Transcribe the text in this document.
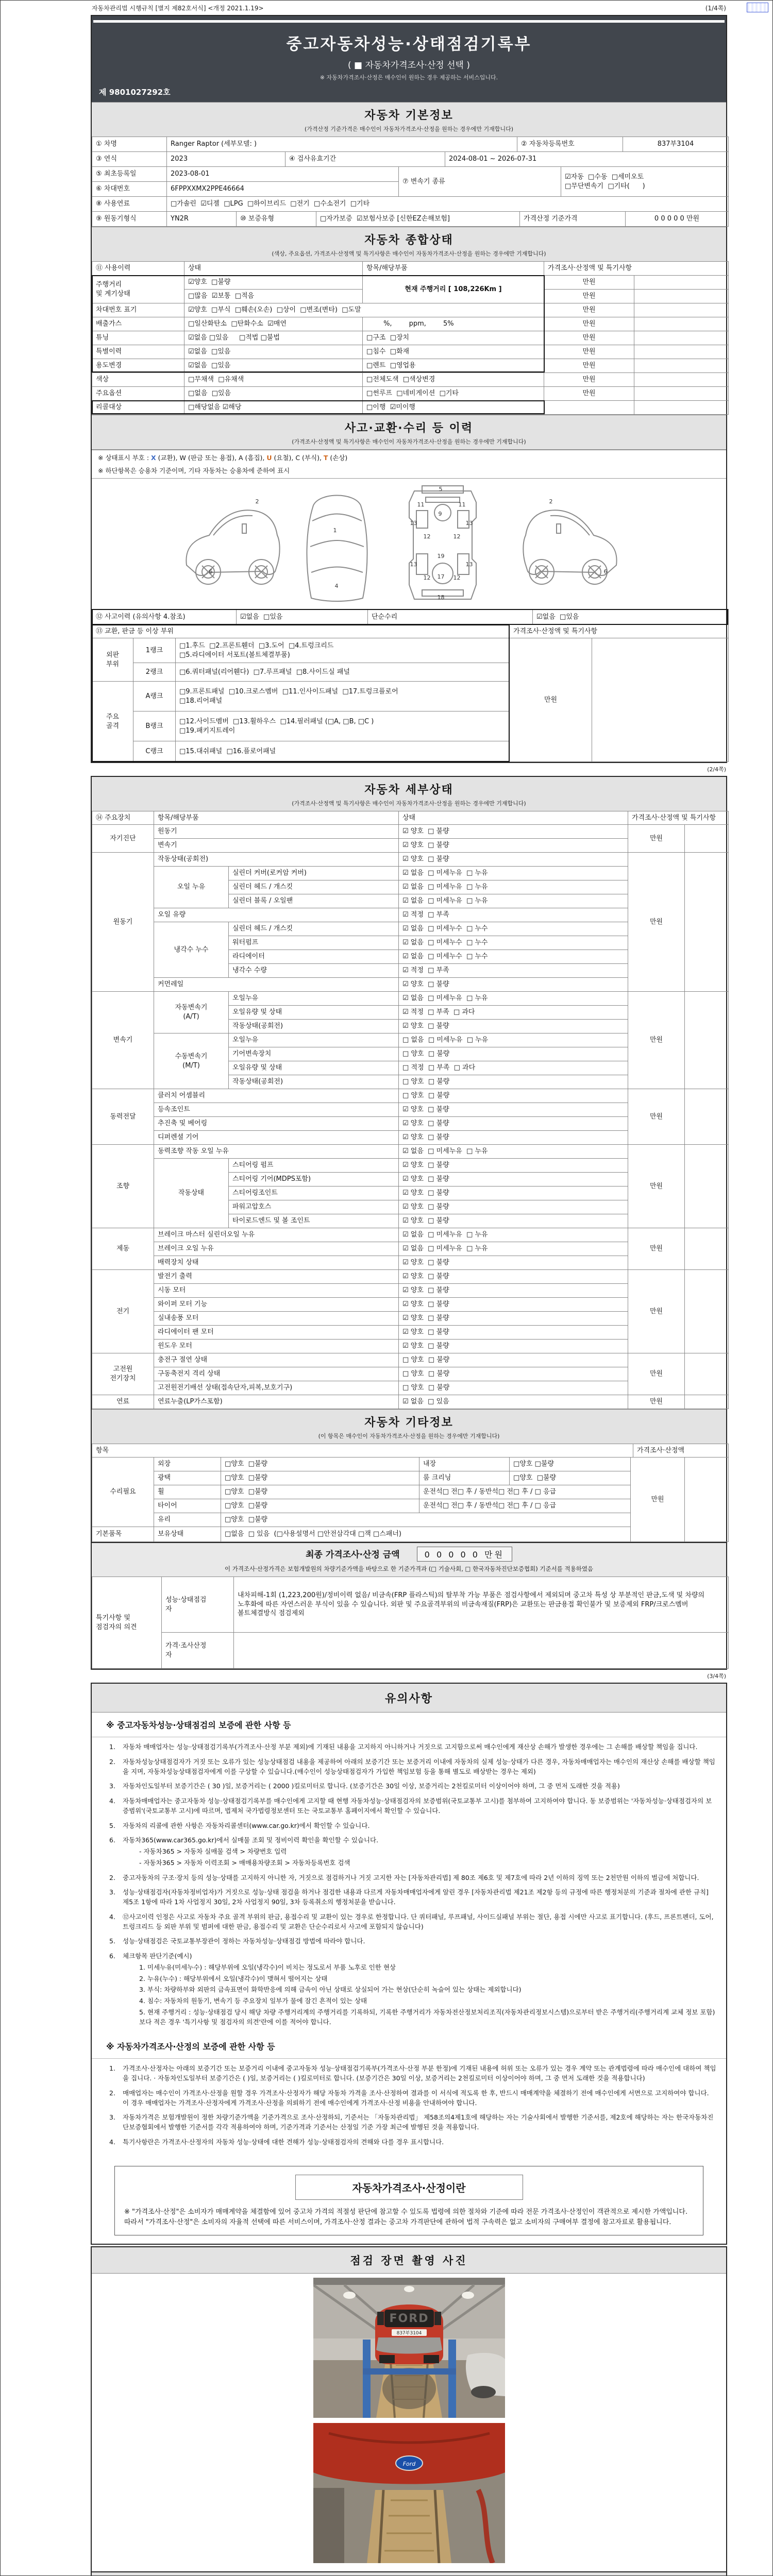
자동차관리법 시행규칙 [별지 제82호서식] <개정 2021.1.19>	(1/4쪽)
중고자동차성능·상태점검기록부
( ■ 자동차가격조사·산정 선택 )
※ 자동차가격조사·산정은 매수인이 원하는 경우 제공하는 서비스입니다.
제 9801027292호
자동차 기본정보
(가격산정 기준가격은 매수인이 자동차가격조사·산정을 원하는 경우에만 기재합니다)
① 차명	Ranger Raptor (세부모델: )	② 자동차등록번호	837부3104
③ 연식	2023	④ 검사유효기간	2024-08-01 ~ 2026-07-31
⑤ 최초등록일	2023-08-01	⑦ 변속기 종류	☑자동  □수동  □세미오토
□무단변속기  □기타(      )
⑥ 차대번호	6FPPXXMX2PPE46664		
⑧ 사용연료	□가솔린  ☑디젤  □LPG  □하이브리드  □전기  □수소전기  □기타
⑨ 원동기형식	YN2R	⑩ 보증유형	□자가보증  ☑보험사보증 [신한EZ손해보험]	가격산정 기준가격	0 0 0 0 0 만원
자동차 종합상태
(색상, 주요옵션, 가격조사·산정액 및 특기사항은 매수인이 자동차가격조사·산정을 원하는 경우에만 기재합니다)
⑪ 사용이력	상태	항목/해당부품	가격조사·산정액 및 특기사항	
주행거리
및 계기상태	☑양호  □불량	현재 주행거리 [ 108,226Km ]	만원	
	□많음  ☑보통  □적음		만원	
차대번호 표기	☑양호  □부식  □훼손(오손)  □상이  □변조(변타)  □도말		만원	
배출가스	□일산화탄소  □탄화수소  ☑매연	%,        ppm,        5%	만원	
튜닝	☑없음 □있음     □적법 □불법	□구조  □장치	만원	
특별이력	☑없음  □있음	□침수  □화재	만원	
용도변경	☑없음  □있음	□렌트  □영업용	만원	
색상	□무채색  □유채색	□전체도색  □색상변경	만원	
주요옵션	□없음  □있음	□썬루프  □네비게이션  □기타	만원	
리콜대상	□해당없음 ☑해당	□이행  ☑미이행		
사고·교환·수리 등 이력
(가격조사·산정액 및 특기사항은 매수인이 자동차가격조사·산정을 원하는 경우에만 기재합니다)
※ 상태표시 부호 : X (교환), W (판금 또는 용접), A (흠집), U (요철), C (부식), T (손상)
※ 하단항목은 승용차 기준이며, 기타 자동차는 승용차에 준하여 표시
2
6
1
4
5
11	11
9
13	13
12	12
19
13	13
12 17 12
18
2
6
⑫ 사고이력 (유의사항 4.참조)	☑없음  □있음	단순수리	☑없음  □있음
⑬ 교환, 판금 등 이상 부위	가격조사·산정액 및 특기사항
외판
부위	1랭크	□1.후드  □2.프론트휀더  □3.도어  □4.트렁크리드
□5.라디에이터 서포트(볼트체결부품)	만원	
	2랭크	□6.쿼터패널(리어휀다)  □7.루프패널  □8.사이드실 패널		
주요
골격	A랭크	□9.프론트패널  □10.크로스멤버  □11.인사이드패널  □17.트렁크플로어
□18.리어패널		
	B랭크	□12.사이드멤버  □13.휠하우스  □14.필러패널 (□A, □B, □C )
□19.패키지트레이		
	C랭크	□15.대쉬패널  □16.플로어패널		
(2/4쪽)
자동차 세부상태
(가격조사·산정액 및 특기사항은 매수인이 자동차가격조사·산정을 원하는 경우에만 기재합니다)
⑭ 주요장치	항목/해당부품	상태	가격조사·산정액 및 특기사항
자기진단	원동기		☑ 양호  □ 불량	만원	
	변속기		☑ 양호  □ 불량		
원동기	작동상태(공회전)		☑ 양호  □ 불량	만원	
	오일 누유	실린더 커버(로커암 커버)	☑ 없음  □ 미세누유  □ 누유		
		실린더 헤드 / 개스킷	☑ 없음  □ 미세누유  □ 누유		
		실린더 블록 / 오일팬	☑ 없음  □ 미세누유  □ 누유		
	오일 유량		☑ 적정  □ 부족		
	냉각수 누수	실린더 헤드 / 개스킷	☑ 없음  □ 미세누수  □ 누수		
		워터펌프	☑ 없음  □ 미세누수  □ 누수		
		라디에이터	☑ 없음  □ 미세누수  □ 누수		
		냉각수 수량	☑ 적정  □ 부족		
	커먼레일		☑ 양호  □ 불량		
변속기	자동변속기
(A/T)	오일누유	☑ 없음  □ 미세누유  □ 누유	만원	
		오일유량 및 상태	☑ 적정  □ 부족  □ 과다		
		작동상태(공회전)	☑ 양호  □ 불량		
	수동변속기
(M/T)	오일누유	□ 없음  □ 미세누유  □ 누유		
		기어변속장치	□ 양호  □ 불량		
		오일유량 및 상태	□ 적정  □ 부족  □ 과다		
		작동상태(공회전)	□ 양호  □ 불량		
동력전달	클러치 어셈블리		□ 양호  □ 불량	만원	
	등속조인트		☑ 양호  □ 불량		
	추진축 및 베어링		☑ 양호  □ 불량		
	디퍼렌셜 기어		☑ 양호  □ 불량		
조향	동력조향 작동 오일 누유		☑ 없음  □ 미세누유  □ 누유	만원	
	작동상태	스티어링 펌프	☑ 양호  □ 불량		
		스티어링 기어(MDPS포함)	☑ 양호  □ 불량		
		스티어링조인트	☑ 양호  □ 불량		
		파워고압호스	☑ 양호  □ 불량		
		타이로드엔드 및 볼 조인트	☑ 양호  □ 불량		
제동	브레이크 마스터 실린더오일 누유		☑ 없음  □ 미세누유  □ 누유	만원	
	브레이크 오일 누유		☑ 없음  □ 미세누유  □ 누유		
	배력장치 상태		☑ 양호  □ 불량		
전기	발전기 출력		☑ 양호  □ 불량	만원	
	시동 모터		☑ 양호  □ 불량		
	와이퍼 모터 기능		☑ 양호  □ 불량		
	실내송풍 모터		☑ 양호  □ 불량		
	라디에이터 팬 모터		☑ 양호  □ 불량		
	윈도우 모터		☑ 양호  □ 불량		
고전원
전기장치	충전구 절연 상태		□ 양호  □ 불량	만원	
	구동축전지 격리 상태		□ 양호  □ 불량		
	고전원전기배선 상태(접속단자,피복,보호기구)		□ 양호  □ 불량		
연료	연료누출(LP가스포함)		☑ 없음  □ 있음	만원	
자동차 기타정보
(이 항목은 매수인이 자동차가격조사·산정을 원하는 경우에만 기재합니다)
항목	가격조사·산정액
수리필요	외장	□양호  □불량	내장	□양호 □불량	만원	
	광택	□양호  □불량	룸 크리닝	□양호  □불량		
	휠	□양호  □불량	운전석□ 전□ 후 / 동반석□ 전□ 후 / □ 응급			
	타이어	□양호  □불량	운전석□ 전□ 후 / 동반석□ 전□ 후 / □ 응급			
	유리	□양호  □불량				
기본품목	보유상태	□없음  □ 있음  (□사용설명서 □안전삼각대 □잭 □스패너)				
최종 가격조사·산정 금액	0 0 0 0 0 만원
이 가격조사·산정가격은 보험개발원의 차량기준가액을 바탕으로 한 기준가격과 (□ 기술사회, □ 한국자동차진단보증협회) 기준서를 적용하였음
특기사항 및
점검자의 의견	성능·상태점검
자	내차피해-1회 (1,223,200원)/정비이력 없음/ 비금속(FRP 플라스틱)의 탈부착 가능 부품은 점검사항에서 제외되며 중고차 특성 상 부분적인 판금,도색 및 차량의 노후화에 따른 자연스러운 부식이 있을 수 있습니다. 외판 및 주요골격부위의 비금속재질(FRP)은 교환또는 판금용접 확인불가 및 보증제외 FRP/크로스멤버 볼트체결방식 점검제외
	가격·조사산정
자	
(3/4쪽)
유의사항
※ 중고자동차성능·상태점검의 보증에 관한 사항 등
1.	자동차 매매업자는 성능·상태점검기록부(가격조사·산정 부분 제외)에 기재된 내용을 고지하지 아니하거나 거짓으로 고지함으로써 매수인에게 재산상 손해가 발생한 경우에는 그 손해를 배상할 책임을 집니다.
2.	자동차성능상태점검자가 거짓 또는 오류가 있는 성능상태점검 내용을 제공하여 아래의 보증기간 또는 보증거리 이내에 자동차의 실제 성능·상태가 다른 경우, 자동차매매업자는 매수인의 재산상 손해를 배상할 책임을 지며, 자동차성능상태점검자에게 이를 구상할 수 있습니다.(매수인이 성능상태점검자가 가입한 책임보험 등을 통해 별도로 배상받는 경우는 제외)
3.	자동차인도일부터 보증기간은 ( 30 )일, 보증거리는 ( 2000 )킬로미터로 합니다. (보증기간은 30일 이상, 보증거리는 2천킬로미터 이상이어야 하며, 그 중 먼저 도래한 것을 적용)
4.	자동차매매업자는 중고자동차 성능·상태점검기록부를 매수인에게 고지할 때 현행 자동차성능·상태점검자의 보증범위(국토교통부 고시)를 첨부하여 고지하여야 합니다. 동 보증범위는 '자동차성능·상태점검자의 보증범위'(국토교통부 고시)에 따르며, 법제처 국가법령정보센터 또는 국토교통부 홈페이지에서 확인할 수 있습니다.
5.	자동차의 리콜에 관한 사항은 자동차리콜센터(www.car.go.kr)에서 확인할 수 있습니다.
6.	자동차365(www.car365.go.kr)에서 실매물 조회 및 정비이력 확인을 확인할 수 있습니다.
- 자동차365 > 자동차 실매물 검색 > 차량번호 입력
- 자동차365 > 자동차 이력조회 > 매매용차량조회 > 자동차등록번호 검색
2.	중고자동차의 구조·장치 등의 성능·상태를 고지하지 아니한 자, 거짓으로 점검하거나 거짓 고지한 자는 [자동차관리법] 제 80조 제6호 및 제7호에 따라 2년 이하의 징역 또는 2천만원 이하의 벌금에 처합니다.
3.	성능·상태점검자(자동차정비업자)가 거짓으로 성능·상태 점검을 하거나 점검한 내용과 다르게 자동차매매업자에게 알린 경우 [자동차관리법 제21조 제2항 등의 규정에 따른 행정처분의 기준과 절차에 관한 규칙] 제5조 1항에 따라 1차 사업정지 30일, 2차 사업정지 90일, 3차 등록취소의 행정처분을 받습니다.
4.	⑫사고이력 인정은 사고로 자동차 주요 골격 부위의 판금, 용접수리 및 교환이 있는 경우로 한정합니다. 단 쿼터패널, 루프패널, 사이드실패널 부위는 절단, 용접 시에만 사고로 표기합니다. (후드, 프론트펜더, 도어, 트렁크리드 등 외판 부위 및 범퍼에 대한 판금, 용접수리 및 교환은 단순수리로서 사고에 포함되지 않습니다)
5.	성능·상태점검은 국토교통부장관이 정하는 자동차성능·상태점검 방법에 따라야 합니다.
6.	체크항목 판단기준(예시)
1. 미세누유(미세누수) : 해당부위에 오일(냉각수)이 비치는 정도로서 부품 노후로 인한 현상
2. 누유(누수) : 해당부위에서 오일(냉각수)이 맺혀서 떨어지는 상태
3. 부식: 차량하부와 외판의 금속표면이 화학반응에 의해 금속이 아닌 상태로 상실되어 가는 현상(단순히 녹슬어 있는 상태는 제외합니다)
4. 침수: 자동차의 원동기, 변속기 등 주요장치 일부가 물에 잠긴 흔적이 있는 상태
5. 현재 주행거리 : 성능·상태점검 당시 해당 차량 주행거리계의 주행거리를 기록하되, 기록한 주행거리가 자동차전산정보처리조직(자동차관리정보시스템)으로부터 받은 주행거리(주행거리계 교체 정보 포함)보다 적은 경우 '특기사항 및 점검자의 의견'란에 이를 적어야 합니다.
※ 자동차가격조사·산정의 보증에 관한 사항 등
1.	가격조사·산정자는 아래의 보증기간 또는 보증거리 이내에 중고자동차 성능·상태점검기록부(가격조사·산정 부분 한정)에 기재된 내용에 허위 또는 오류가 있는 경우 계약 또는 관계법령에 따라 매수인에 대하여 책임을 집니다. · 자동차인도일부터 보증기간은 ( )일, 보증거리는 ( )킬로미터로 합니다. (보증기간은 30일 이상, 보증거리는 2천킬로미터 이상이어야 하며, 그 중 먼저 도래한 것을 적용합니다)
2.	매매업자는 매수인이 가격조사·산정을 원할 경우 가격조사·산정자가 해당 자동차 가격을 조사·산정하여 결과를 이 서식에 적도록 한 후, 반드시 매매계약을 체결하기 전에 매수인에게 서면으로 고지하여야 합니다. 이 경우 매매업자는 가격조사·산정자에게 가격조사·산정을 의뢰하기 전에 매수인에게 가격조사·산정 비용을 안내하여야 합니다.
3.	자동차가격은 보험개발원이 정한 차량기준가액을 기준가격으로 조사·산정하되, 기준서는 「자동차관리법」 제58조의4제1호에 해당하는 자는 기술사회에서 발행한 기준서를, 제2호에 해당하는 자는 한국자동차진단보증협회에서 발행한 기준서를 각각 적용하여야 하며, 기준가격과 기준서는 산정일 기준 가장 최근에 발행된 것을 적용합니다.
4.	특기사항란은 가격조사·산정자의 자동차 성능·상태에 대한 견해가 성능·상태점검자의 견해와 다를 경우 표시합니다.
자동차가격조사·산정이란
※ "가격조사·산정"은 소비자가 매매계약을 체결함에 있어 중고차 가격의 적절성 판단에 참고할 수 있도록 법령에 의한 절차와 기준에 따라 전문 가격조사·산정인이 객관적으로 제시한 가액입니다. 따라서 "가격조사·산정"은 소비자의 자율적 선택에 따른 서비스이며, 가격조사·산정 결과는 중고차 가격판단에 관하여 법적 구속력은 없고 소비자의 구매여부 결정에 참고자료로 활용됩니다.
점검 장면 촬영 사진
FORD
837부3104
Ford
